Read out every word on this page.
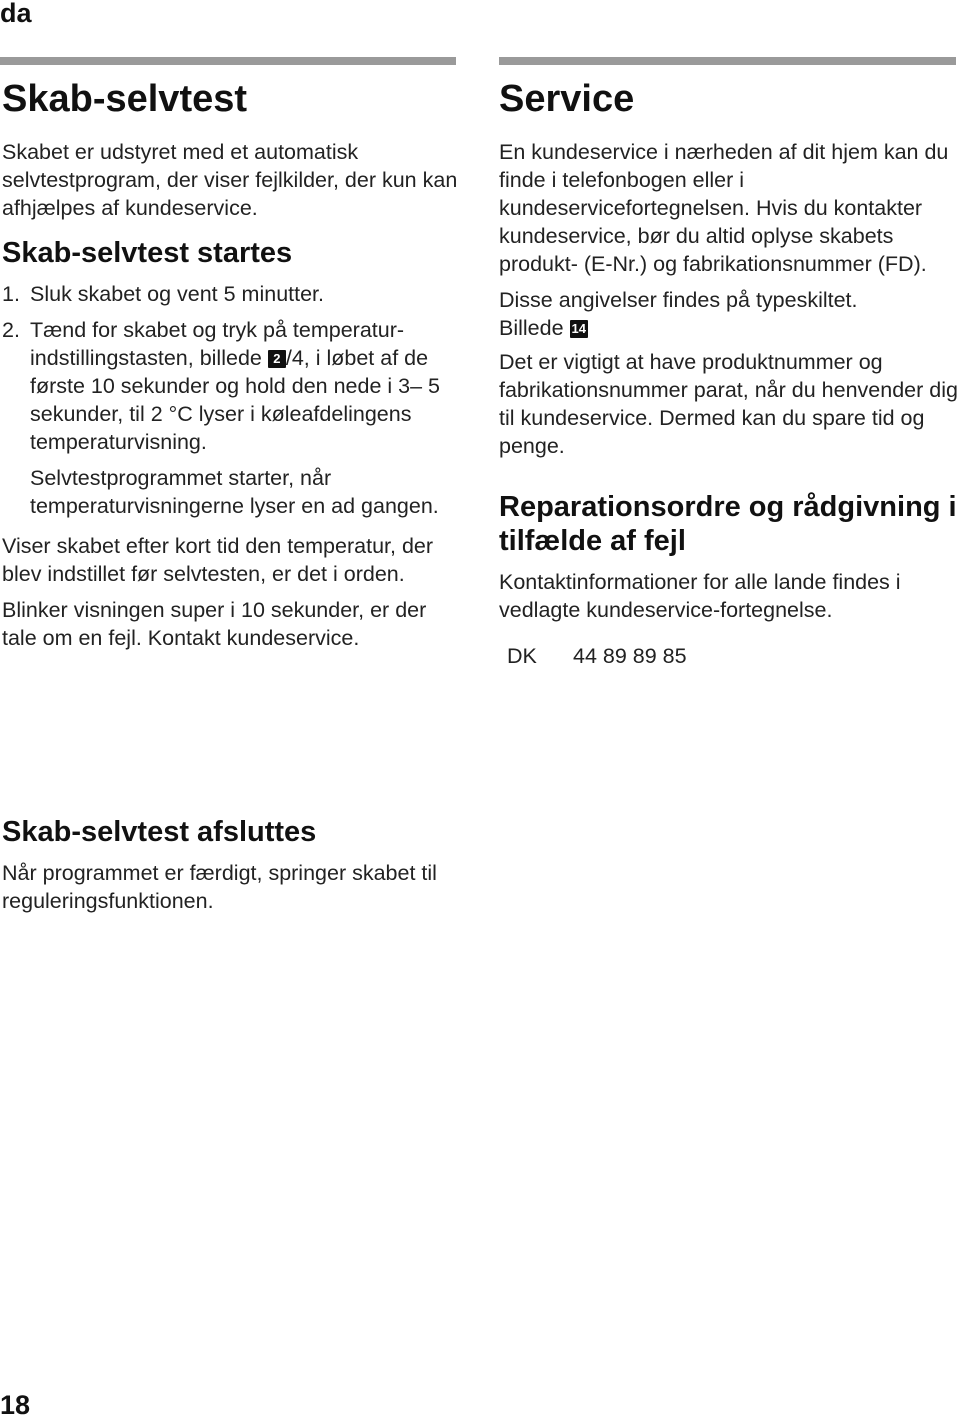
da
Skab-selvtest

Skabet er udstyret med et automatisk selvtestprogram, der viser fejlkilder, der kun kan afhjælpes af kundeservice.

Skab-selvtest startes
1. Sluk skabet og vent 5 minutter.
2. Tænd for skabet og tryk på temperatur-indstillingstasten, billede 2 /4, i løbet af de første 10 sekunder og hold den nede i 3– 5 sekunder, til 2 °C lyser i køleafdelingens temperaturvisning.

Selvtestprogrammet starter, når temperaturvisningerne lyser en ad gangen.

Viser skabet efter kort tid den temperatur, der blev indstillet før selvtesten, er det i orden.

Blinker visningen super i 10 sekunder, er der tale om en fejl. Kontakt kundeservice.

Skab-selvtest afsluttes

Når programmet er færdigt, springer skabet til reguleringsfunktionen.

Service

En kundeservice i nærheden af dit hjem kan du finde i telefonbogen eller i kundeservicefortegnelsen. Hvis du kontakter kundeservice, bør du altid oplyse skabets produkt- (E-Nr.) og fabrikationsnummer (FD).

Disse angivelser findes på typeskiltet.
Billede 14

Det er vigtigt at have produktnummer og fabrikationsnummer parat, når du henvender dig til kundeservice. Dermed kan du spare tid og penge.

Reparationsordre og rådgivning i tilfælde af fejl

Kontaktinformationer for alle lande findes i vedlagte kundeservice-fortegnelse.

DK 44 89 89 85
18
